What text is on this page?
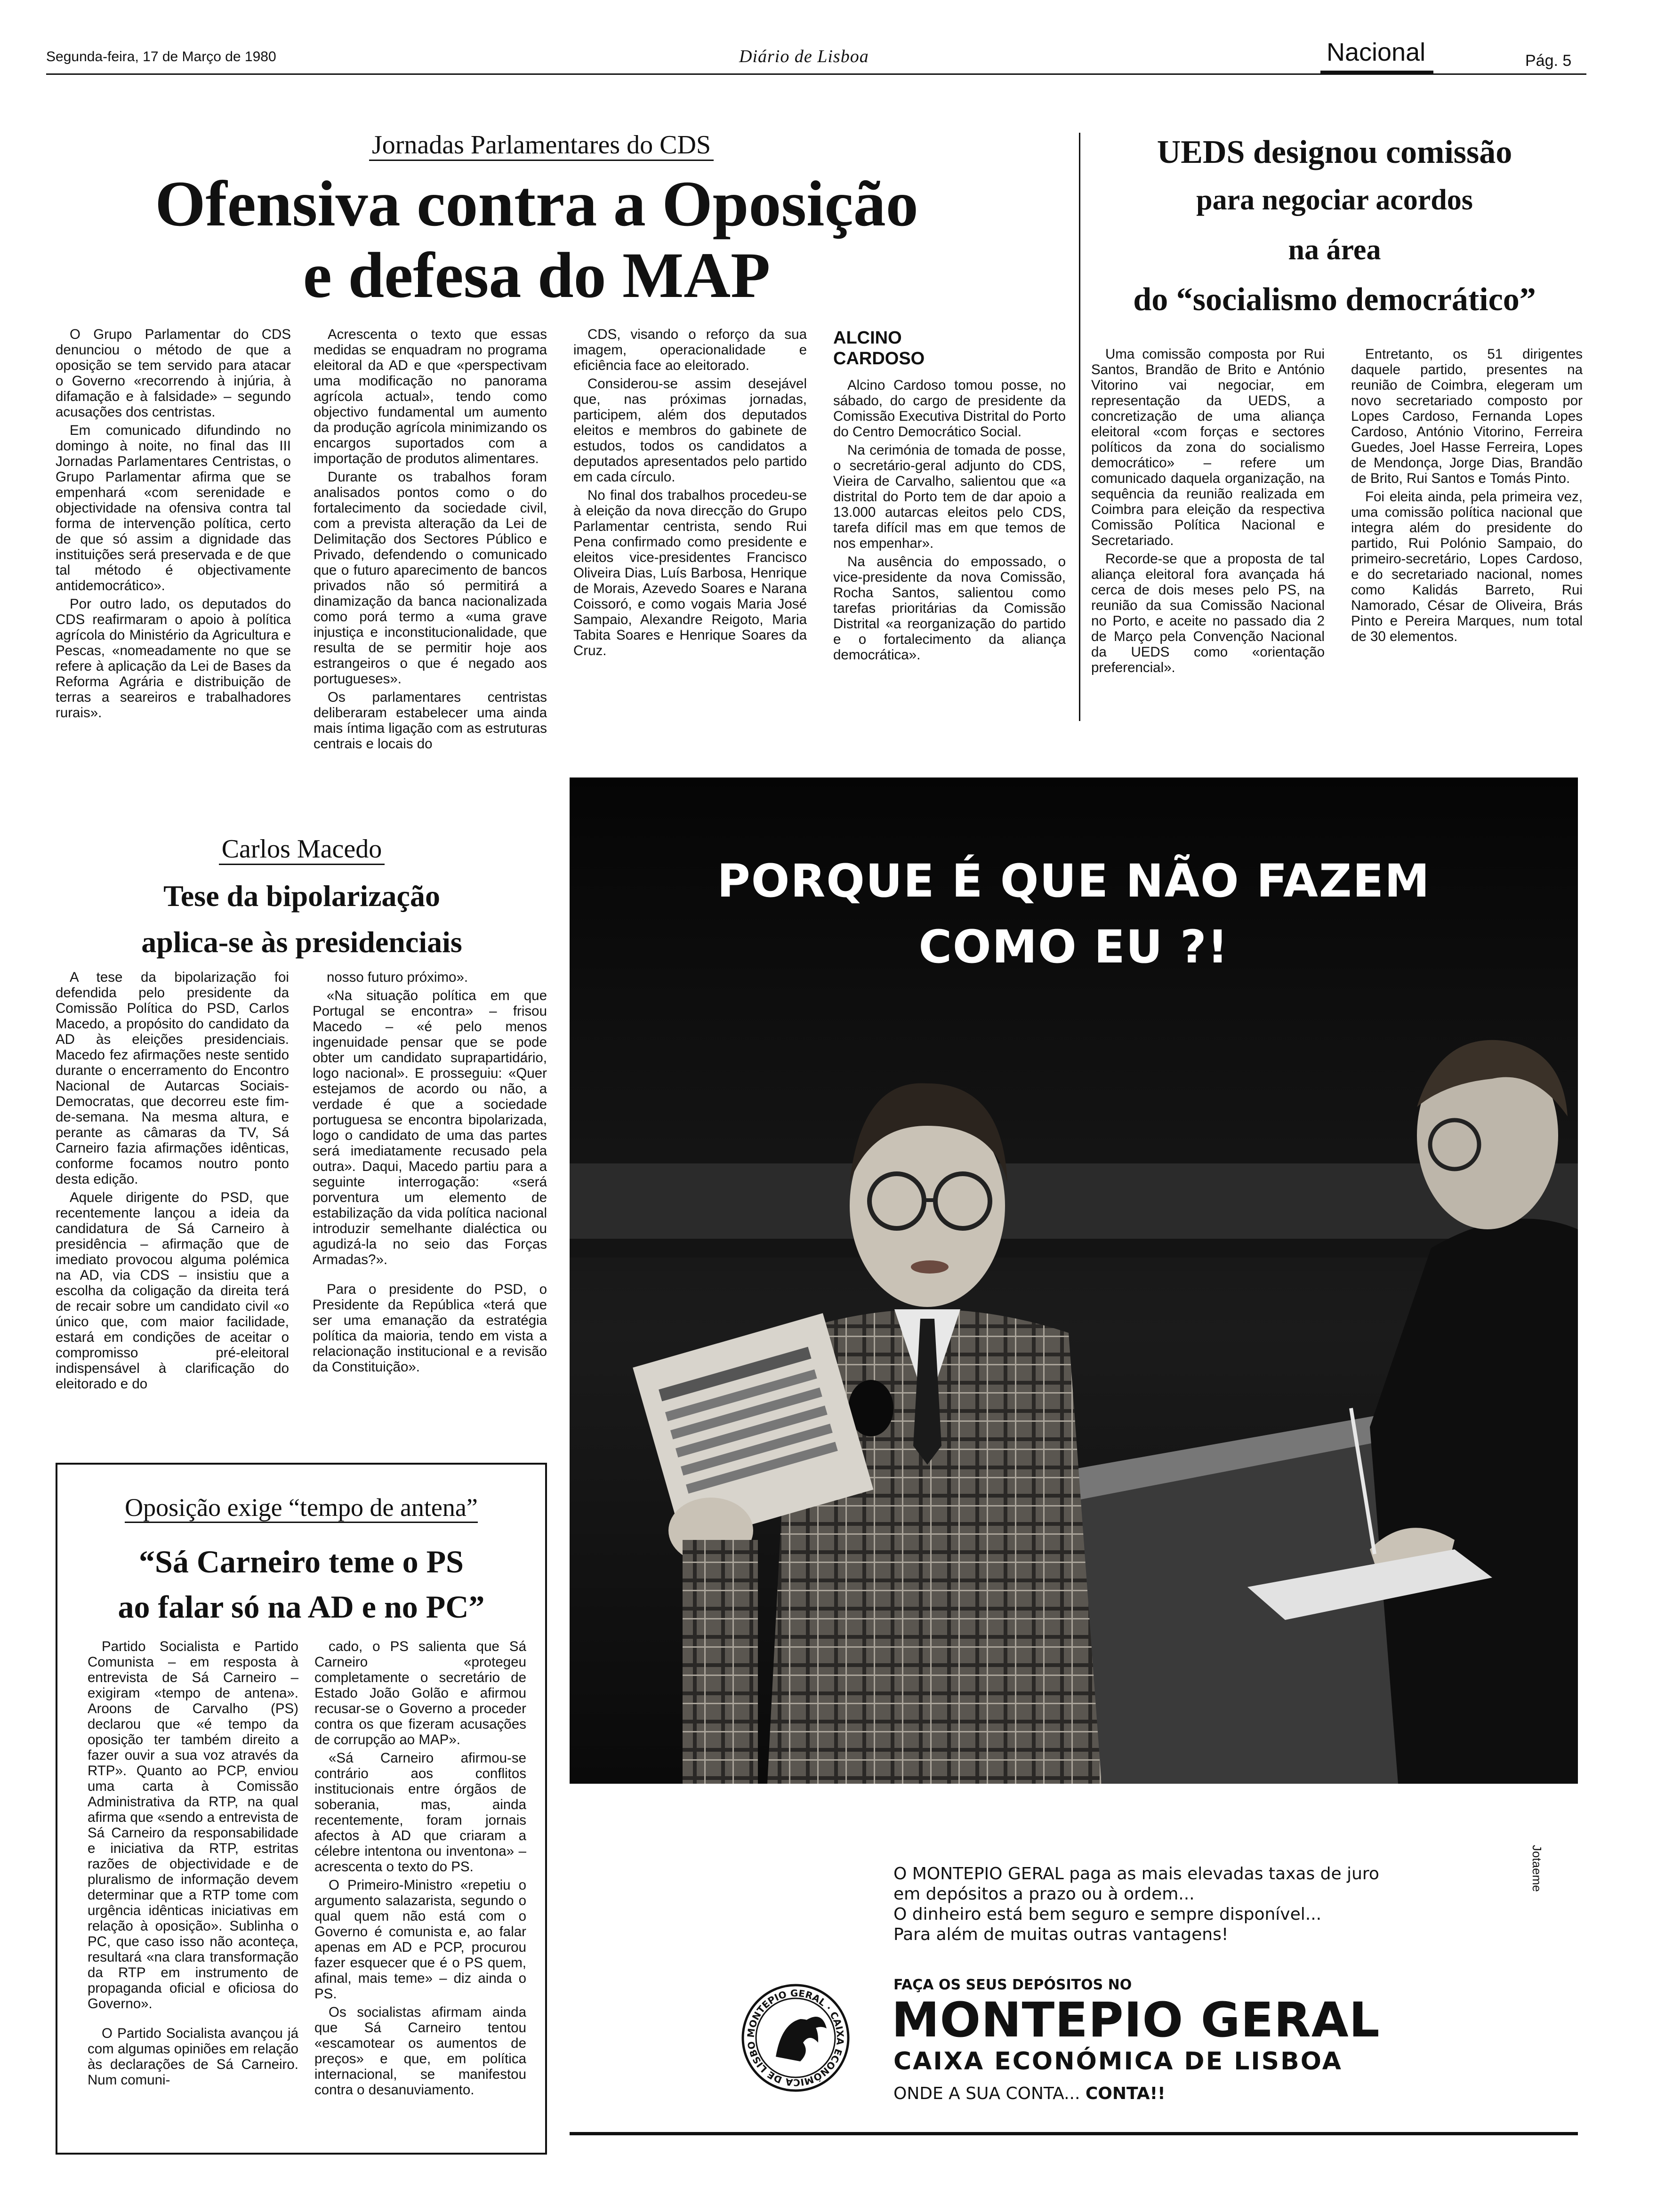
Segunda-feira, 17 de Março de 1980	Diário de Lisboa	Nacional	Pág. 5
Jornadas Parlamentares do CDS
Ofensiva contra a Oposição
e defesa do MAP

O Grupo Parlamentar do CDS denunciou o método de que a oposição se tem servido para atacar o Governo «recorrendo à injúria, à difamação e à falsidade» – segundo acusações dos centristas.

Em comunicado difundindo no domingo à noite, no final das III Jornadas Parlamentares Centristas, o Grupo Parlamentar afirma que se empenhará «com serenidade e objectividade na ofensiva contra tal forma de intervenção política, certo de que só assim a dignidade das instituições será preservada e de que tal método é objectivamente antidemocrático».

Por outro lado, os deputados do CDS reafirmaram o apoio à política agrícola do Ministério da Agricultura e Pescas, «nomeadamente no que se refere à aplicação da Lei de Bases da Reforma Agrária e distribuição de terras a seareiros e trabalhadores rurais».

Acrescenta o texto que essas medidas se enquadram no programa eleitoral da AD e que «perspectivam uma modificação no panorama agrícola actual», tendo como objectivo fundamental um aumento da produção agrícola minimizando os encargos suportados com a importação de produtos alimentares.

Durante os trabalhos foram analisados pontos como o do fortalecimento da sociedade civil, com a prevista alteração da Lei de Delimitação dos Sectores Público e Privado, defendendo o comunicado que o futuro aparecimento de bancos privados não só permitirá a dinamização da banca nacionalizada como porá termo a «uma grave injustiça e inconstitucionalidade, que resulta de se permitir hoje aos estrangeiros o que é negado aos portugueses».

Os parlamentares centristas deliberaram estabelecer uma ainda mais íntima ligação com as estruturas centrais e locais do

CDS, visando o reforço da sua imagem, operacionalidade e eficiência face ao eleitorado.

Considerou-se assim desejável que, nas próximas jornadas, participem, além dos deputados eleitos e membros do gabinete de estudos, todos os candidatos a deputados apresentados pelo partido em cada círculo.

No final dos trabalhos procedeu-se à eleição da nova direcção do Grupo Parlamentar centrista, sendo Rui Pena confirmado como presidente e eleitos vice-presidentes Francisco Oliveira Dias, Luís Barbosa, Henrique de Morais, Azevedo Soares e Narana Coissoró, e como vogais Maria José Sampaio, Alexandre Reigoto, Maria Tabita Soares e Henrique Soares da Cruz.

ALCINO
CARDOSO

Alcino Cardoso tomou posse, no sábado, do cargo de presidente da Comissão Executiva Distrital do Porto do Centro Democrático Social.

Na cerimónia de tomada de posse, o secretário-geral adjunto do CDS, Vieira de Carvalho, salientou que «a distrital do Porto tem de dar apoio a 13.000 autarcas eleitos pelo CDS, tarefa difícil mas em que temos de nos empenhar».

Na ausência do empossado, o vice-presidente da nova Comissão, Rocha Santos, salientou como tarefas prioritárias da Comissão Distrital «a reorganização do partido e o fortalecimento da aliança democrática».

UEDS designou comissão
para negociar acordos
na área
do “socialismo democrático”

Uma comissão composta por Rui Santos, Brandão de Brito e António Vitorino vai negociar, em representação da UEDS, a concretização de uma aliança eleitoral «com forças e sectores políticos da zona do socialismo democrático» – refere um comunicado daquela organização, na sequência da reunião realizada em Coimbra para eleição da respectiva Comissão Política Nacional e Secretariado.

Recorde-se que a proposta de tal aliança eleitoral fora avançada há cerca de dois meses pelo PS, na reunião da sua Comissão Nacional no Porto, e aceite no passado dia 2 de Março pela Convenção Nacional da UEDS como «orientação preferencial».

Entretanto, os 51 dirigentes daquele partido, presentes na reunião de Coimbra, elegeram um novo secretariado composto por Lopes Cardoso, Fernanda Lopes Cardoso, António Vitorino, Ferreira Guedes, Joel Hasse Ferreira, Lopes de Mendonça, Jorge Dias, Brandão de Brito, Rui Santos e Tomás Pinto.

Foi eleita ainda, pela primeira vez, uma comissão política nacional que integra além do presidente do partido, Rui Polónio Sampaio, do primeiro-secretário, Lopes Cardoso, e do secretariado nacional, nomes como Kalidás Barreto, Rui Namorado, César de Oliveira, Brás Pinto e Pereira Marques, num total de 30 elementos.

Carlos Macedo
Tese da bipolarização
aplica-se às presidenciais

A tese da bipolarização foi defendida pelo presidente da Comissão Política do PSD, Carlos Macedo, a propósito do candidato da AD às eleições presidenciais. Macedo fez afirmações neste sentido durante o encerramento do Encontro Nacional de Autarcas Sociais-Democratas, que decorreu este fim-de-semana. Na mesma altura, e perante as câmaras da TV, Sá Carneiro fazia afirmações idênticas, conforme focamos noutro ponto desta edição.

Aquele dirigente do PSD, que recentemente lançou a ideia da candidatura de Sá Carneiro à presidência – afirmação que de imediato provocou alguma polémica na AD, via CDS – insistiu que a escolha da coligação da direita terá de recair sobre um candidato civil «o único que, com maior facilidade, estará em condições de aceitar o compromisso pré-eleitoral indispensável à clarificação do eleitorado e do

nosso futuro próximo».

«Na situação política em que Portugal se encontra» – frisou Macedo – «é pelo menos ingenuidade pensar que se pode obter um candidato suprapartidário, logo nacional». E prosseguiu: «Quer estejamos de acordo ou não, a verdade é que a sociedade portuguesa se encontra bipolarizada, logo o candidato de uma das partes será imediatamente recusado pela outra». Daqui, Macedo partiu para a seguinte interrogação: «será porventura um elemento de estabilização da vida política nacional introduzir semelhante dialéctica ou agudizá-la no seio das Forças Armadas?».

Para o presidente do PSD, o Presidente da República «terá que ser uma emanação da estratégia política da maioria, tendo em vista a relacionação institucional e a revisão da Constituição».

Oposição exige “tempo de antena”
“Sá Carneiro teme o PS
ao falar só na AD e no PC”

Partido Socialista e Partido Comunista – em resposta à entrevista de Sá Carneiro – exigiram «tempo de antena». Aroons de Carvalho (PS) declarou que «é tempo da oposição ter também direito a fazer ouvir a sua voz através da RTP». Quanto ao PCP, enviou uma carta à Comissão Administrativa da RTP, na qual afirma que «sendo a entrevista de Sá Carneiro da responsabilidade e iniciativa da RTP, estritas razões de objectividade e de pluralismo de informação devem determinar que a RTP tome com urgência idênticas iniciativas em relação à oposição». Sublinha o PC, que caso isso não aconteça, resultará «na clara transformação da RTP em instrumento de propaganda oficial e oficiosa do Governo».

O Partido Socialista avançou já com algumas opiniões em relação às declarações de Sá Carneiro. Num comuni-

cado, o PS salienta que Sá Carneiro «protegeu completamente o secretário de Estado João Golão e afirmou recusar-se o Governo a proceder contra os que fizeram acusações de corrupção ao MAP».

«Sá Carneiro afirmou-se contrário aos conflitos institucionais entre órgãos de soberania, mas, ainda recentemente, foram jornais afectos à AD que criaram a célebre intentona ou inventona» – acrescenta o texto do PS.

O Primeiro-Ministro «repetiu o argumento salazarista, segundo o qual quem não está com o Governo é comunista e, ao falar apenas em AD e PCP, procurou fazer esquecer que é o PS quem, afinal, mais teme» – diz ainda o PS.

Os socialistas afirmam ainda que Sá Carneiro tentou «escamotear os aumentos de preços» e que, em política internacional, se manifestou contra o desanuviamento.

PORQUE É QUE NÃO FAZEM
COMO EU ?!
Jotaeme
O MONTEPIO GERAL paga as mais elevadas taxas de juro
em depósitos a prazo ou à ordem...
O dinheiro está bem seguro e sempre disponível...
Para além de muitas outras vantagens!
MONTEPIO GERAL · CAIXA ECONÓMICA DE LISBO
FAÇA OS SEUS DEPÓSITOS NO
MONTEPIO GERAL
CAIXA ECONÓMICA DE LISBOA
ONDE A SUA CONTA... CONTA!!
